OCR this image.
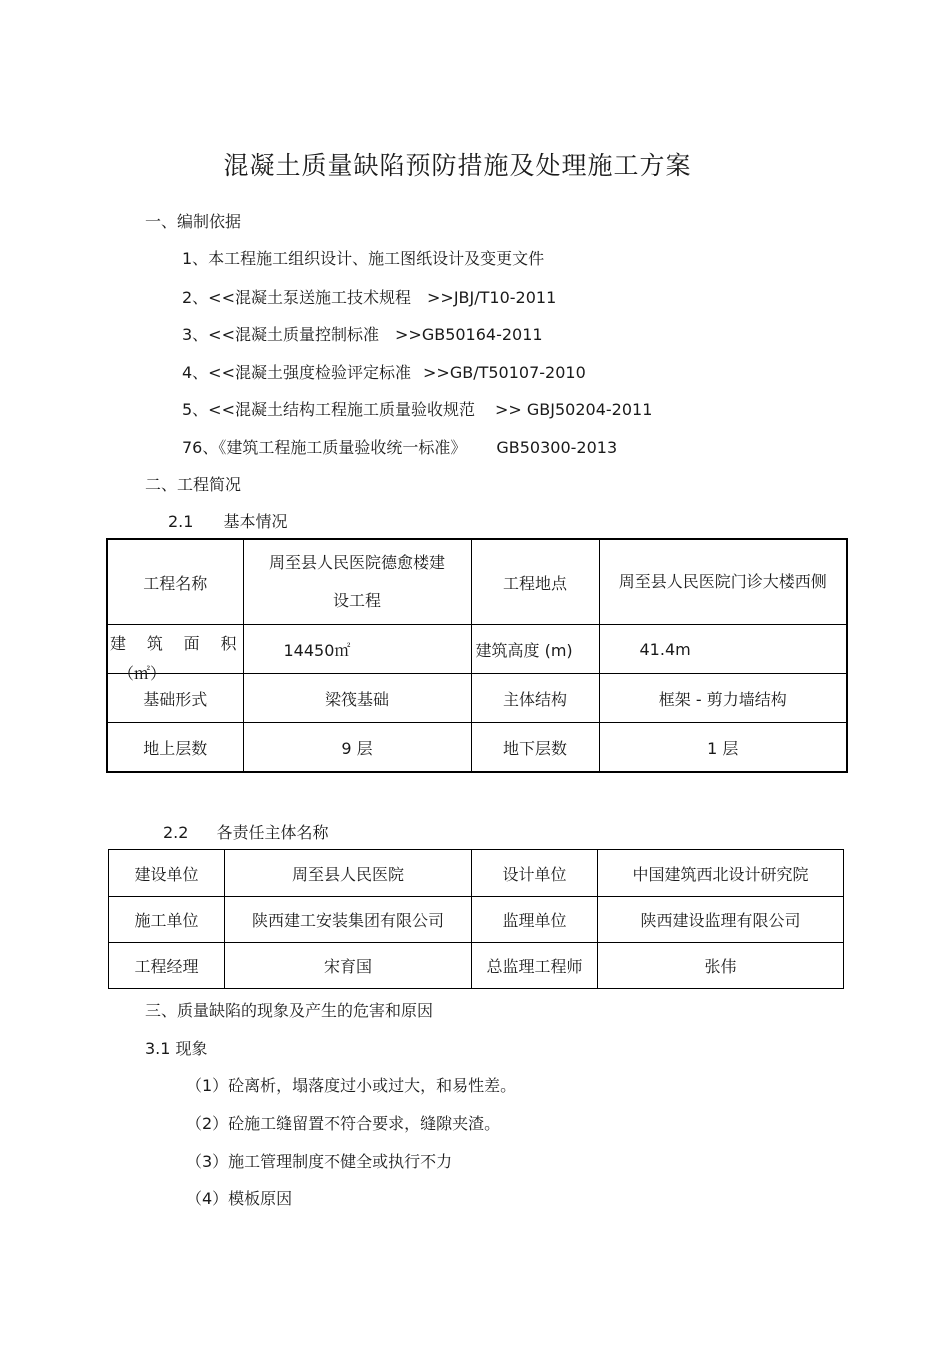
混凝土质量缺陷预防措施及处理施工方案
一、编制依据
1、本工程施工组织设计、施工图纸设计及变更文件
2、<<混凝土泵送施工技术规程 >>JBJ/T10-2011
3、<<混凝土质量控制标准 >>GB50164-2011
4、<<混凝土强度检验评定标准 >>GB/T50107-2010
5、<<混凝土结构工程施工质量验收规范 >> GBJ50204-2011
76、《建筑工程施工质量验收统一标准》 GB50300-2013
二、工程简况
2.1 基本情况
工程名称	周至县人民医院德愈楼建设工程	工程地点	周至县人民医院门诊大楼西侧

建 筑 面 积
（㎡）	14450㎡	建筑高度 (m)	41.4m
基础形式	梁筏基础	主体结构	框架 - 剪力墙结构
地上层数	9 层	地下层数	1 层
2.2 各责任主体名称
建设单位	周至县人民医院	设计单位	中国建筑西北设计研究院
施工单位	陕西建工安装集团有限公司	监理单位	陕西建设监理有限公司
工程经理	宋育国	总监理工程师	张伟
三、质量缺陷的现象及产生的危害和原因
3.1 现象
（1）砼离析，塌落度过小或过大，和易性差。
（2）砼施工缝留置不符合要求，缝隙夹渣。
（3）施工管理制度不健全或执行不力
（4）模板原因
